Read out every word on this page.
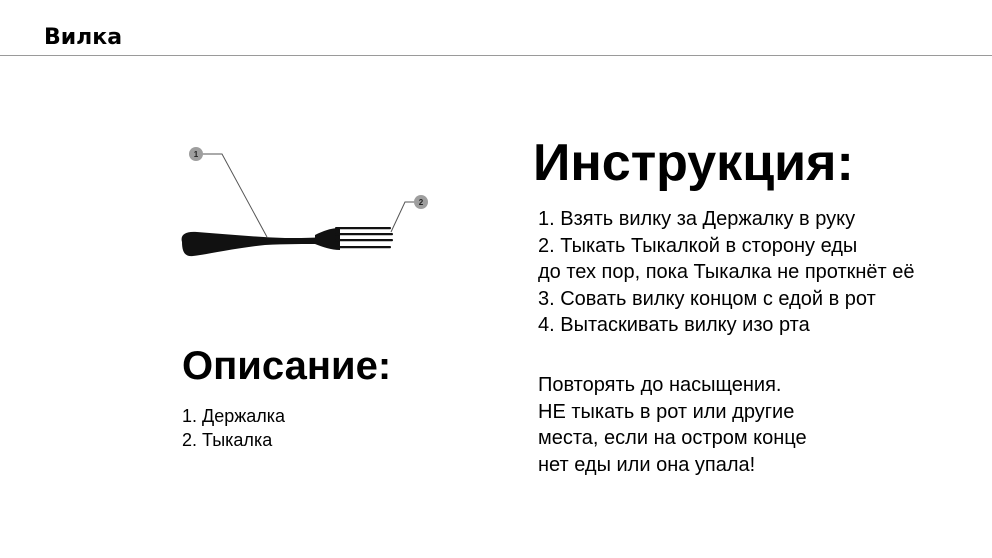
Вилка
1
2
Описание:
1. Держалка
2. Тыкалка
Инструкция:
1. Взять вилку за Держалку в руку
2. Тыкать Тыкалкой в сторону еды
до тех пор, пока Тыкалка не проткнёт её
3. Совать вилку концом с едой в рот
4. Вытаскивать вилку изо рта
Повторять до насыщения.
НЕ тыкать в рот или другие
места, если на остром конце
нет еды или она упала!
